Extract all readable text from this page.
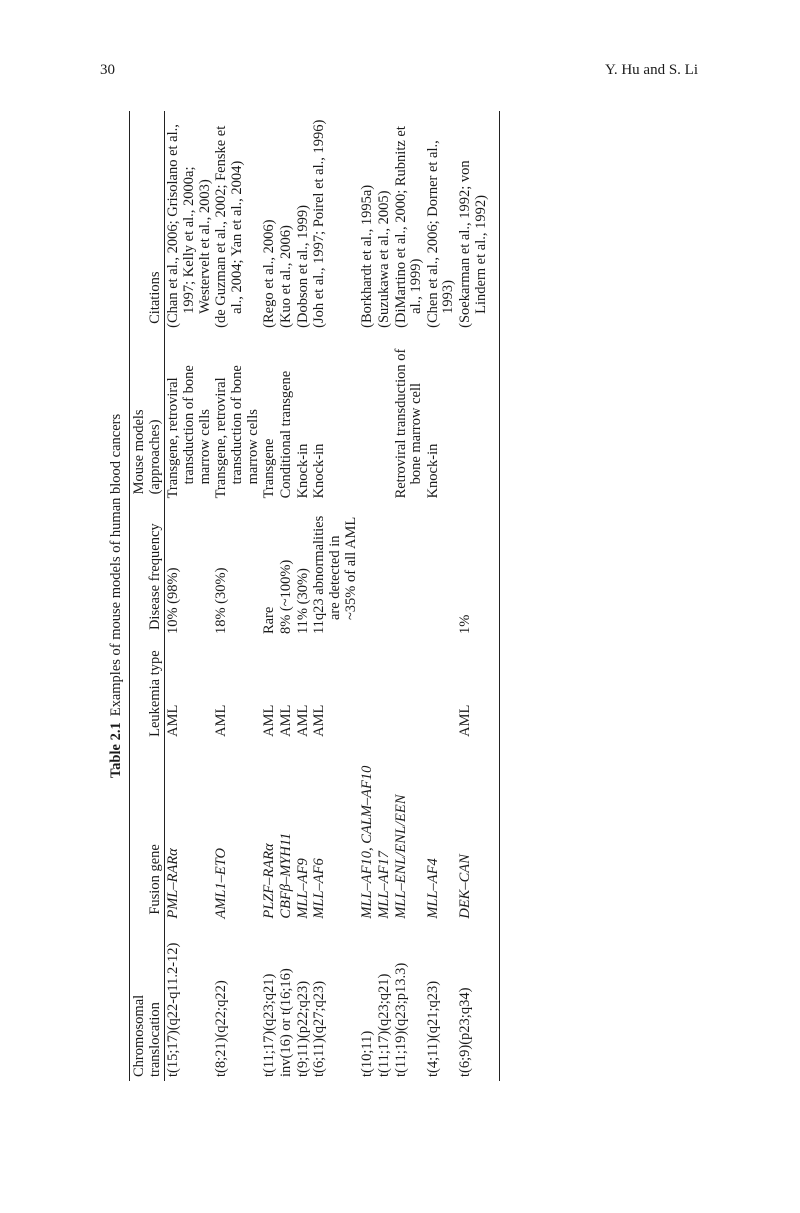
30	Y. Hu and S. Li
Table 2.1Examples of mouse models of human blood cancers
Chromosomal translocation	Fusion gene	Leukemia type	Disease frequency	Mouse models (approaches)	Citations
t(15;17)(q22-q11.2-12)	PML–RARα	AML	10% (98%)	Transgene, retroviral transduction of bone marrow cells	(Chan et al., 2006; Grisolano et al., 1997; Kelly et al., 2000a; Westervelt et al., 2003)

t(8;21)(q22;q22)	AML1–ETO	AML	18% (30%)	Transgene, retroviral transduction of bone marrow cells	(de Guzman et al., 2002; Fenske et al., 2004; Yan et al., 2004)

t(11;17)(q23;q21)	PLZF–RARα	AML	Rare	Transgene	(Rego et al., 2006)

inv(16) or t(16;16)	CBFβ–MYH11	AML	8% (~100%)	Conditional transgene	(Kuo et al., 2006)

t(9;11)(p22;q23)	MLL–AF9	AML	11% (30%)	Knock-in	(Dobson et al., 1999)

t(6;11)(q27;q23)	MLL–AF6	AML	11q23 abnormalities are detected in ~35% of all AML	Knock-in	(Joh et al., 1997; Poirel et al., 1996)

t(10;11)	MLL–AF10, CALM–AF10				(Borkhardt et al., 1995a)

t(11;17)(q23;q21)	MLL–AF17				(Suzukawa et al., 2005)

t(11;19)(q23;p13.3)	MLL–ENL/ENL/EEN			Retroviral transduction of bone marrow cell	(DiMartino et al., 2000; Rubnitz et al., 1999)

t(4;11)(q21;q23)	MLL–AF4			Knock-in	(Chen et al., 2006; Dorner et al., 1993)

t(6;9)(p23;q34)	DEK–CAN	AML	1%		(Soekarman et al., 1992; von Lindern et al., 1992)
